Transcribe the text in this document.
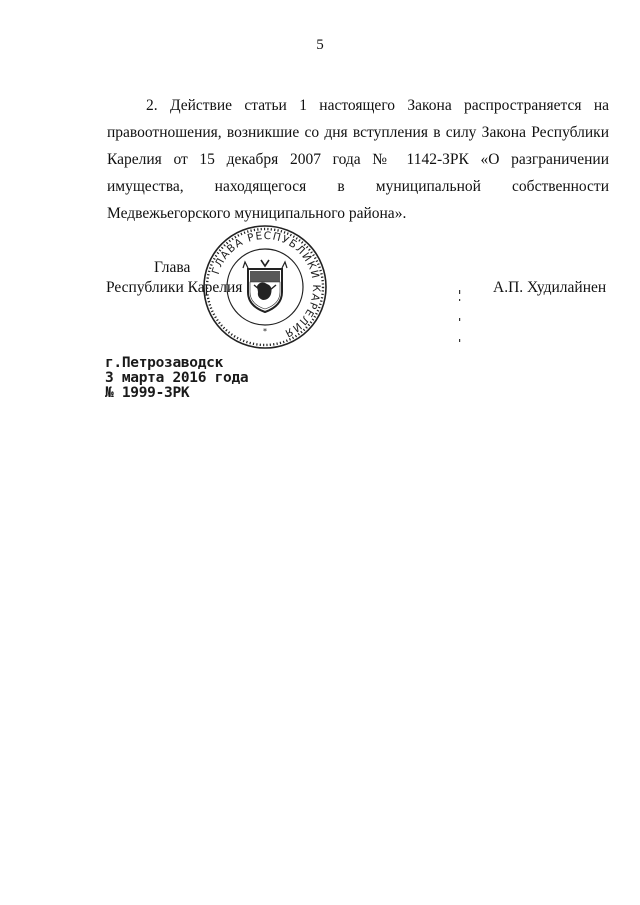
5

2. Действие статьи 1 настоящего Закона распространяется на правоотношения, возникшие со дня вступления в силу Закона Республики Карелия от 15 декабря 2007 года № 1142-ЗРК «О разграничении имущества, находящегося в муниципальной собственности Медвежьегорского муниципального района».

Глава
Республики Карелия
ГЛАВА РЕСПУБЛИКИ КАРЕЛИЯ
*
А.П. Худилайнен
г.Петрозаводск
3 марта 2016 года
№ 1999-ЗРК
